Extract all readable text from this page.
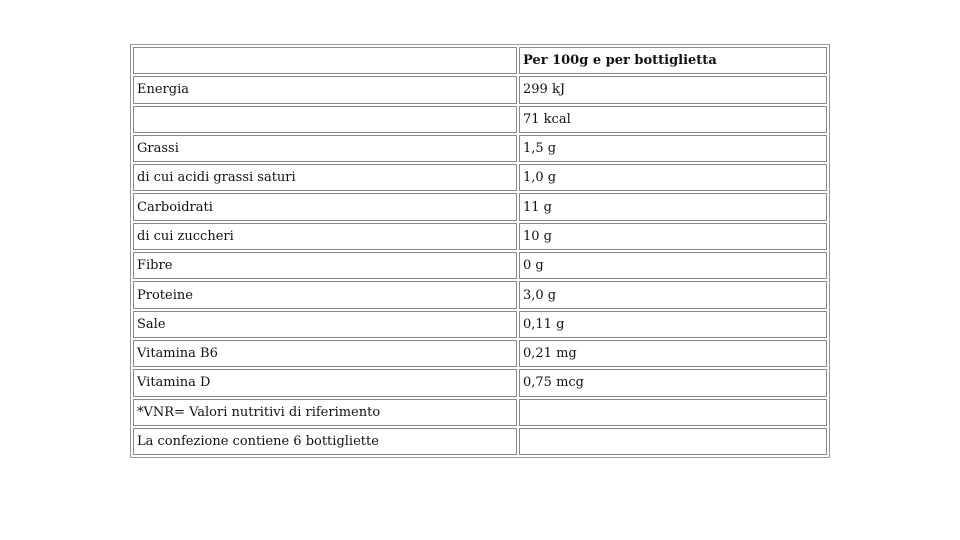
	Per 100g e per bottiglietta
Energia	299 kJ
	71 kcal
Grassi	1,5 g
di cui acidi grassi saturi	1,0 g
Carboidrati	11 g
di cui zuccheri	10 g
Fibre	0 g
Proteine	3,0 g
Sale	0,11 g
Vitamina B6	0,21 mg
Vitamina D	0,75 mcg
*VNR= Valori nutritivi di riferimento	
La confezione contiene 6 bottigliette	
